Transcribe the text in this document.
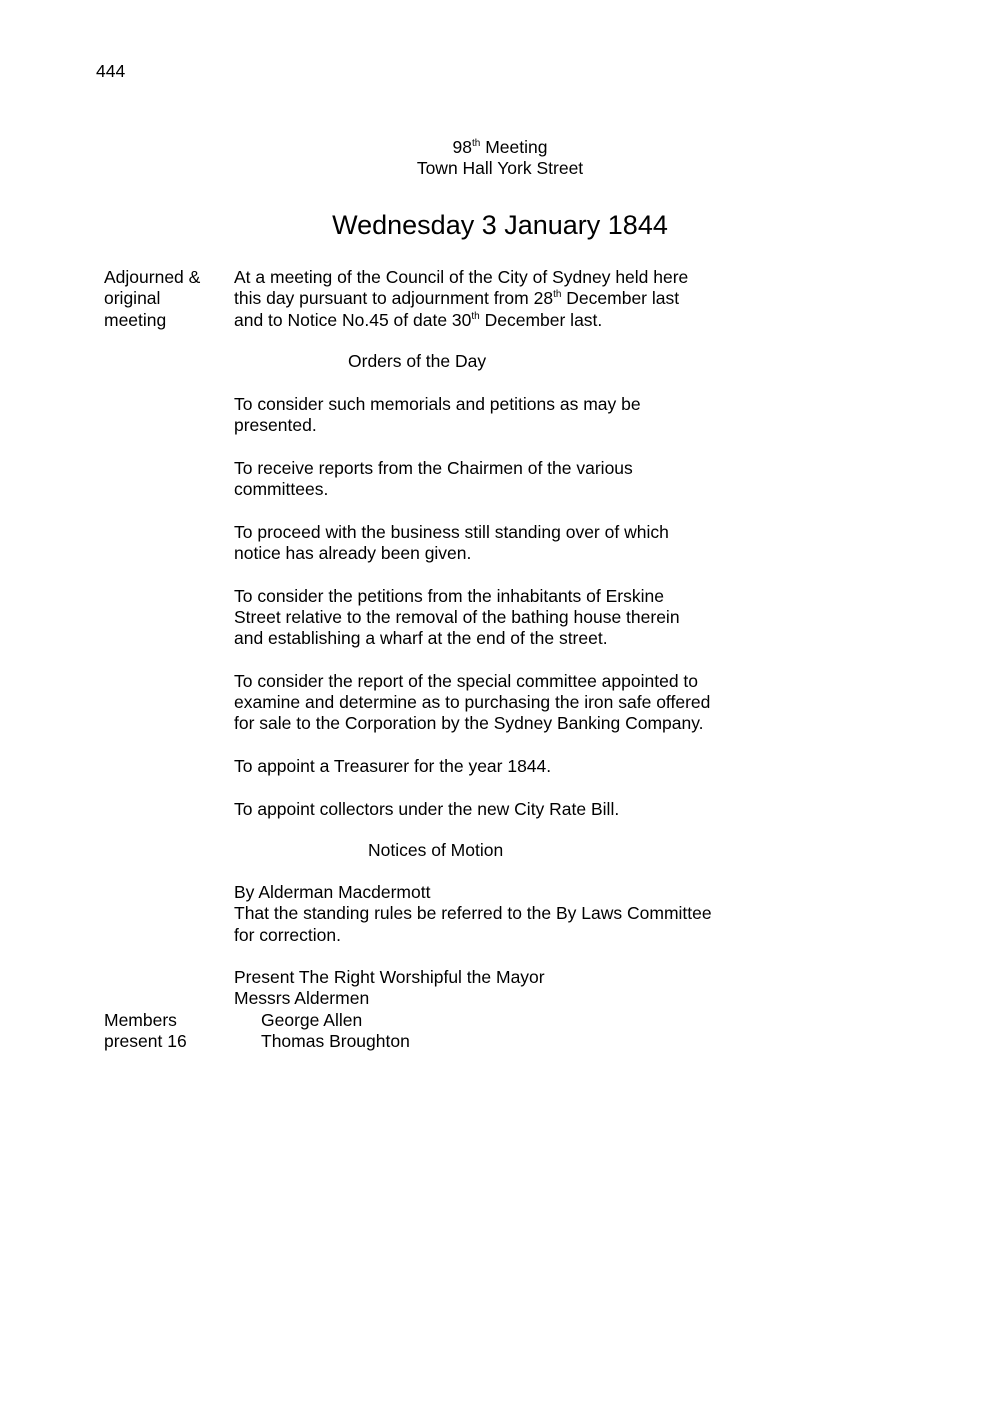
444
98th Meeting
Town Hall York Street
Wednesday 3 January 1844
Adjourned &
original
meeting
At a meeting of the Council of the City of Sydney held here
this day pursuant to adjournment from 28th December last
and to Notice No.45 of date 30th December last.
Orders of the Day
To consider such memorials and petitions as may be
presented.
To receive reports from the Chairmen of the various
committees.
To proceed with the business still standing over of which
notice has already been given.
To consider the petitions from the inhabitants of Erskine
Street relative to the removal of the bathing house therein
and establishing a wharf at the end of the street.
To consider the report of the special committee appointed to
examine and determine as to purchasing the iron safe offered
for sale to the Corporation by the Sydney Banking Company.
To appoint a Treasurer for the year 1844.
To appoint collectors under the new City Rate Bill.
Notices of Motion
By Alderman Macdermott
That the standing rules be referred to the By Laws Committee
for correction.
Present The Right Worshipful the Mayor
Messrs Aldermen
George Allen
Thomas Broughton
Members
present 16
